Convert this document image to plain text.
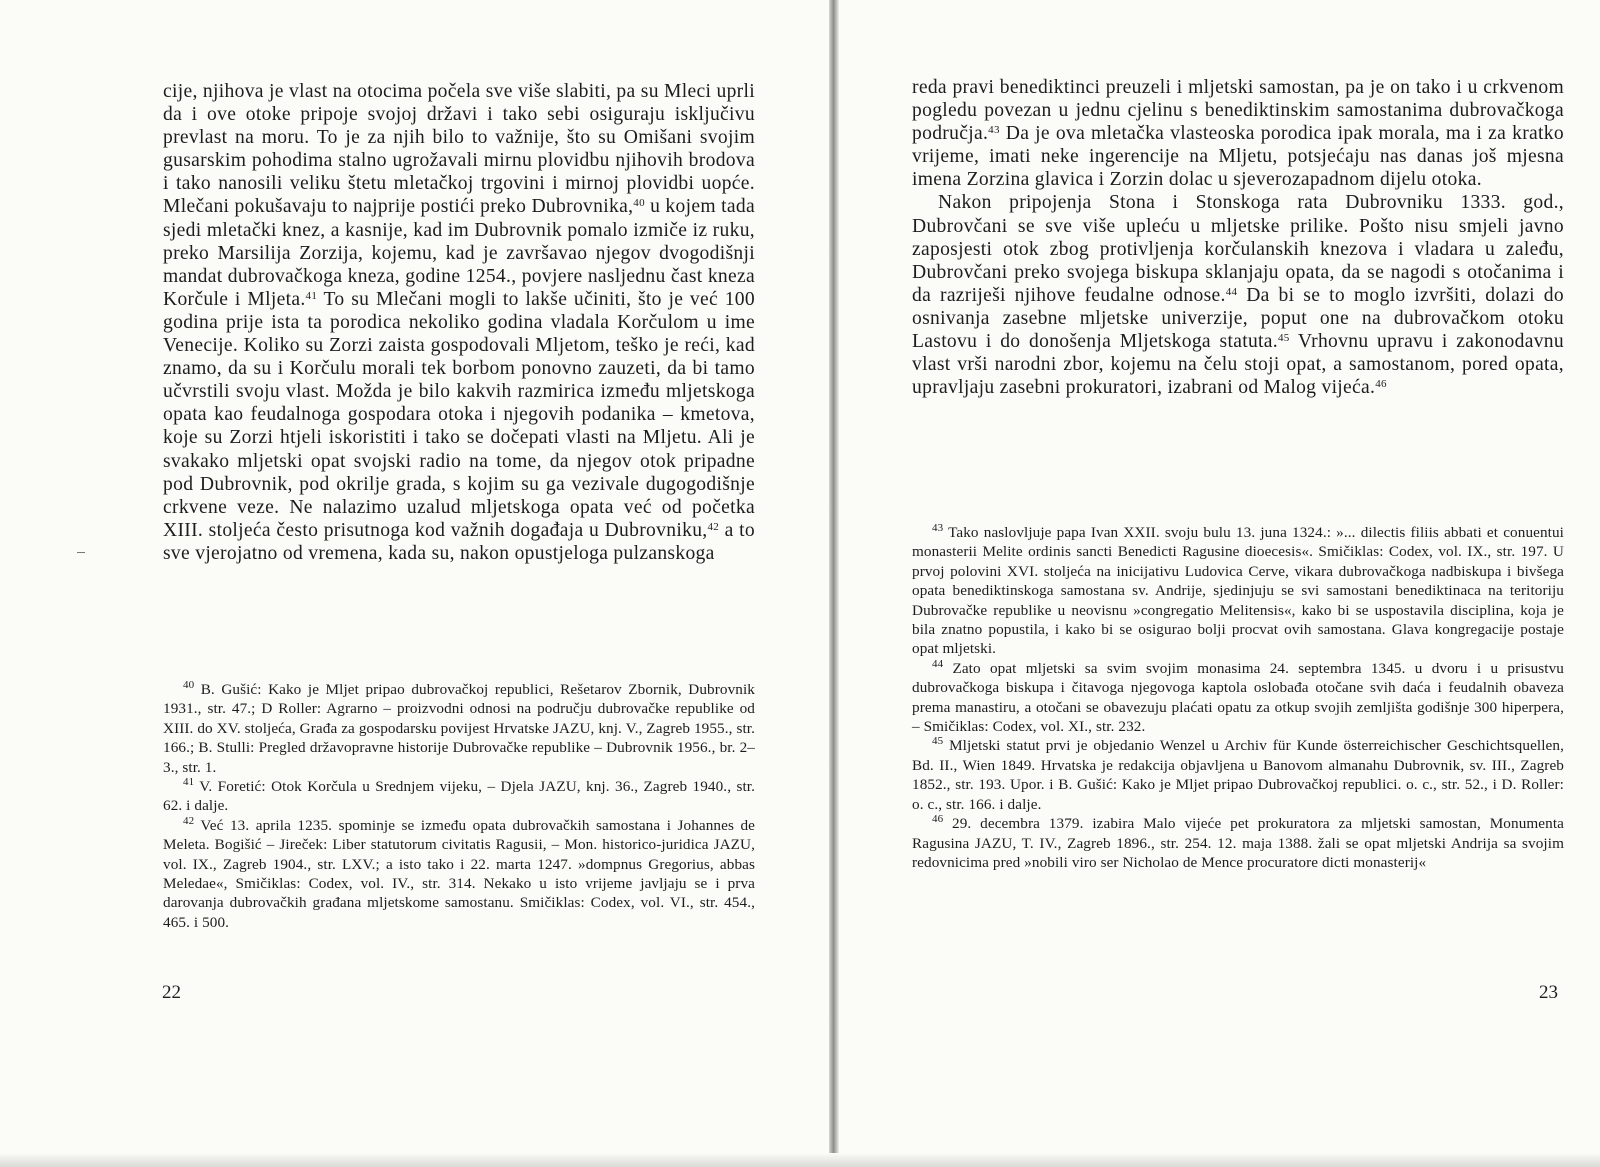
cije, njihova je vlast na otocima počela sve više slabiti, pa su Mleci uprli da i ove otoke pripoje svojoj državi i tako sebi osiguraju isključivu prevlast na moru. To je za njih bilo to važnije, što su Omišani svojim gusarskim pohodima stalno ugrožavali mirnu plovidbu njihovih brodova i tako nanosili veliku štetu mletačkoj trgovini i mirnoj plovidbi uopće. Mlečani pokušavaju to najprije postići preko Dubrovnika,$^{40}$ u kojem tada sjedi mletački knez, a kasnije, kad im Dubrovnik pomalo izmiče iz ruku, preko Marsilija Zorzija, kojemu, kad je završavao njegov dvogodišnji mandat dubrovačkoga kneza, godine 1254., povjere nasljednu čast kneza Korčule i Mljeta.$^{41}$ To su Mlečani mogli to lakše učiniti, što je već 100 godina prije ista ta porodica nekoliko godina vladala Korčulom u ime Venecije. Koliko su Zorzi zaista gospodovali Mljetom, teško je reći, kad znamo, da su i Korčulu morali tek borbom ponovno zauzeti, da bi tamo učvrstili svoju vlast. Možda je bilo kakvih razmirica između mljetskoga opata kao feudalnoga gospodara otoka i njegovih podanika – kmetova, koje su Zorzi htjeli iskoristiti i tako se dočepati vlasti na Mljetu. Ali je svakako mljetski opat svojski radio na tome, da njegov otok pripadne pod Dubrovnik, pod okrilje grada, s kojim su ga vezivale dugogodišnje crkvene veze. Ne nalazimo uzalud mljetskoga opata već od početka XIII. stoljeća često prisutnoga kod važnih događaja u Dubrovniku,$^{42}$ a to sve vjerojatno od vremena, kada su, nakon opustjeloga pulzanskoga

$^{40}$ B. Gušić: Kako je Mljet pripao dubrovačkoj republici, Rešetarov Zbornik, Dubrovnik 1931., str. 47.; D Roller: Agrarno – proizvodni odnosi na području dubrovačke republike od XIII. do XV. stoljeća, Građa za gospodarsku povijest Hrvatske JAZU, knj. V., Zagreb 1955., str. 166.; B. Stulli: Pregled državopravne historije Dubrovačke republike – Dubrovnik 1956., br. 2–3., str. 1.

$^{41}$ V. Foretić: Otok Korčula u Srednjem vijeku, – Djela JAZU, knj. 36., Zagreb 1940., str. 62. i dalje.

$^{42}$ Već 13. aprila 1235. spominje se između opata dubrovačkih samostana i Johannes de Meleta. Bogišić – Jireček: Liber statutorum civitatis Ragusii, – Mon. historico-juridica JAZU, vol. IX., Zagreb 1904., str. LXV.; a isto tako i 22. marta 1247. »dompnus Gregorius, abbas Meledae«, Smičiklas: Codex, vol. IV., str. 314. Nekako u isto vrijeme javljaju se i prva darovanja dubrovačkih građana mljetskome samostanu. Smičiklas: Codex, vol. VI., str. 454., 465. i 500.

22

reda pravi benediktinci preuzeli i mljetski samostan, pa je on tako i u crkvenom pogledu povezan u jednu cjelinu s benediktinskim samostanima dubrovačkoga područja.$^{43}$ Da je ova mletačka vlasteoska porodica ipak morala, ma i za kratko vrijeme, imati neke ingerencije na Mljetu, potsjećaju nas danas još mjesna imena Zorzina glavica i Zorzin dolac u sjeverozapadnom dijelu otoka.

Nakon pripojenja Stona i Stonskoga rata Dubrovniku 1333. god., Dubrovčani se sve više upleću u mljetske prilike. Pošto nisu smjeli javno zaposjesti otok zbog protivljenja korčulanskih knezova i vladara u zaleđu, Dubrovčani preko svojega biskupa sklanjaju opata, da se nagodi s otočanima i da razriješi njihove feudalne odnose.$^{44}$ Da bi se to moglo izvršiti, dolazi do osnivanja zasebne mljetske univerzije, poput one na dubrovačkom otoku Lastovu i do donošenja Mljetskoga statuta.$^{45}$ Vrhovnu upravu i zakonodavnu vlast vrši narodni zbor, kojemu na čelu stoji opat, a samostanom, pored opata, upravljaju zasebni prokuratori, izabrani od Malog vijeća.$^{46}$

$^{43}$ Tako naslovljuje papa Ivan XXII. svoju bulu 13. juna 1324.: »... dilectis filiis abbati et conuentui monasterii Melite ordinis sancti Benedicti Ragusine dioecesis«. Smičiklas: Codex, vol. IX., str. 197. U prvoj polovini XVI. stoljeća na inicijativu Ludovica Cerve, vikara dubrovačkoga nadbiskupa i bivšega opata benediktinskoga samostana sv. Andrije, sjedinjuju se svi samostani benediktinaca na teritoriju Dubrovačke republike u neovisnu »congregatio Melitensis«, kako bi se uspostavila disciplina, koja je bila znatno popustila, i kako bi se osigurao bolji procvat ovih samostana. Glava kongregacije postaje opat mljetski.

$^{44}$ Zato opat mljetski sa svim svojim monasima 24. septembra 1345. u dvoru i u prisustvu dubrovačkoga biskupa i čitavoga njegovoga kaptola oslobađa otočane svih daća i feudalnih obaveza prema manastiru, a otočani se obavezuju plaćati opatu za otkup svojih zemljišta godišnje 300 hiperpera, – Smičiklas: Codex, vol. XI., str. 232.

$^{45}$ Mljetski statut prvi je objedanio Wenzel u Archiv für Kunde österreichischer Geschichtsquellen, Bd. II., Wien 1849. Hrvatska je redakcija objavljena u Banovom almanahu Dubrovnik, sv. III., Zagreb 1852., str. 193. Upor. i B. Gušić: Kako je Mljet pripao Dubrovačkoj republici. o. c., str. 52., i D. Roller: o. c., str. 166. i dalje.

$^{46}$ 29. decembra 1379. izabira Malo vijeće pet prokuratora za mljetski samostan, Monumenta Ragusina JAZU, T. IV., Zagreb 1896., str. 254. 12. maja 1388. žali se opat mljetski Andrija sa svojim redovnicima pred »nobili viro ser Nicholao de Mence procuratore dicti monasterij«

23
